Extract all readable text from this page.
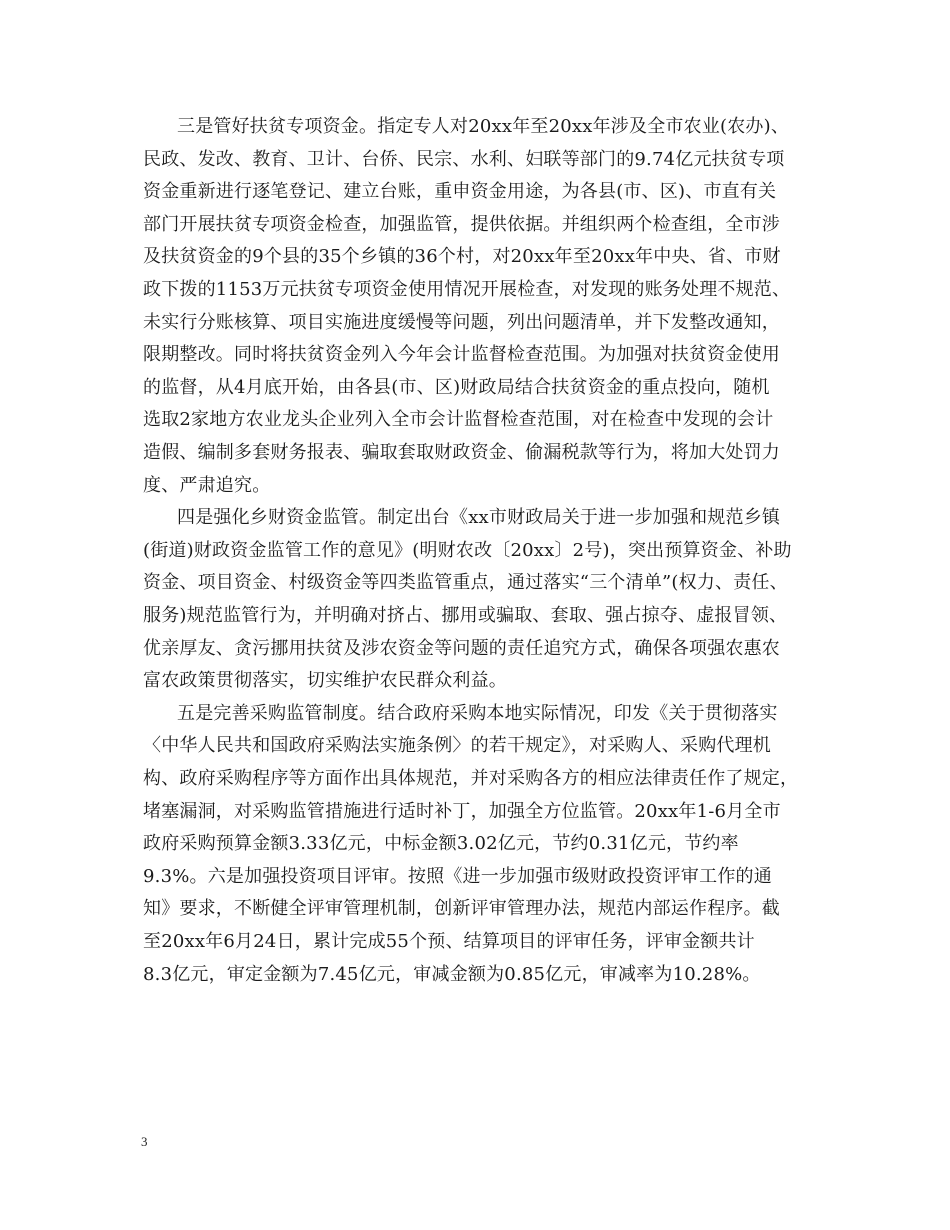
三是管好扶贫专项资金。指定专人对20xx年至20xx年涉及全市农业(农办)、
民政、发改、教育、卫计、台侨、民宗、水利、妇联等部门的9.74亿元扶贫专项
资金重新进行逐笔登记、建立台账，重申资金用途，为各县(市、区)、市直有关
部门开展扶贫专项资金检查，加强监管，提供依据。并组织两个检查组，全市涉
及扶贫资金的9个县的35个乡镇的36个村，对20xx年至20xx年中央、省、市财
政下拨的1153万元扶贫专项资金使用情况开展检查，对发现的账务处理不规范、
未实行分账核算、项目实施进度缓慢等问题，列出问题清单，并下发整改通知，
限期整改。同时将扶贫资金列入今年会计监督检查范围。为加强对扶贫资金使用
的监督，从4月底开始，由各县(市、区)财政局结合扶贫资金的重点投向，随机
选取2家地方农业龙头企业列入全市会计监督检查范围，对在检查中发现的会计
造假、编制多套财务报表、骗取套取财政资金、偷漏税款等行为，将加大处罚力
度、严肃追究。
四是强化乡财资金监管。制定出台《xx市财政局关于进一步加强和规范乡镇
(街道)财政资金监管工作的意见》(明财农改〔20xx〕2号)，突出预算资金、补助
资金、项目资金、村级资金等四类监管重点，通过落实“三个清单”(权力、责任、
服务)规范监管行为，并明确对挤占、挪用或骗取、套取、强占掠夺、虚报冒领、
优亲厚友、贪污挪用扶贫及涉农资金等问题的责任追究方式，确保各项强农惠农
富农政策贯彻落实，切实维护农民群众利益。
五是完善采购监管制度。结合政府采购本地实际情况，印发《关于贯彻落实
〈中华人民共和国政府采购法实施条例〉的若干规定》，对采购人、采购代理机
构、政府采购程序等方面作出具体规范，并对采购各方的相应法律责任作了规定，
堵塞漏洞，对采购监管措施进行适时补丁，加强全方位监管。20xx年1-6月全市
政府采购预算金额3.33亿元，中标金额3.02亿元，节约0.31亿元，节约率
9.3%。六是加强投资项目评审。按照《进一步加强市级财政投资评审工作的通
知》要求，不断健全评审管理机制，创新评审管理办法，规范内部运作程序。截
至20xx年6月24日，累计完成55个预、结算项目的评审任务，评审金额共计
8.3亿元，审定金额为7.45亿元，审减金额为0.85亿元，审减率为10.28%。
3
